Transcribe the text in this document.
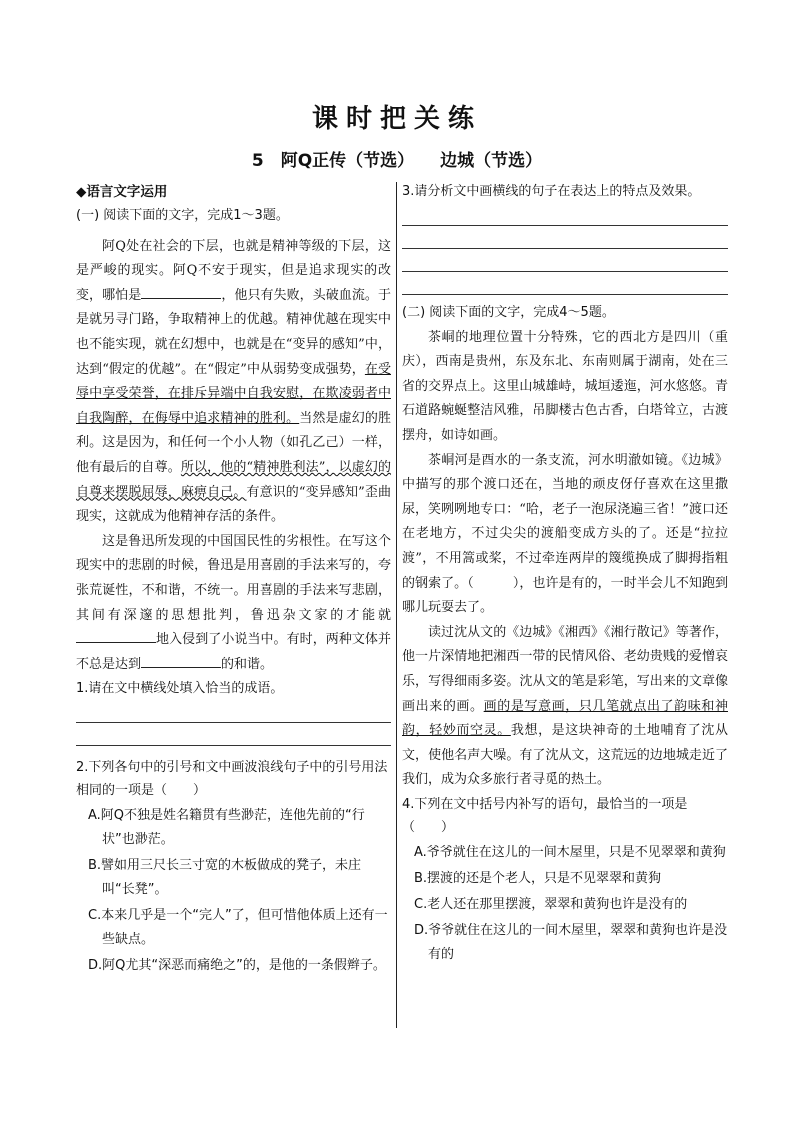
课时把关练
5　阿Q正传（节选） 边城（节选）

◆语言文字运用

(一) 阅读下面的文字，完成1～3题。

阿Q处在社会的下层，也就是精神等级的下层，这是严峻的现实。阿Q不安于现实，但是追求现实的改变，哪怕是	，他只有失败，头破血流。于是就另寻门路，争取精神上的优越。精神优越在现实中也不能实现，就在幻想中，也就是在“变异的感知”中，达到“假定的优越”。在“假定”中从弱势变成强势，在受辱中享受荣誉，在排斥异端中自我安慰，在欺凌弱者中自我陶醉，在侮辱中追求精神的胜利。当然是虚幻的胜利。这是因为，和任何一个小人物（如孔乙己）一样，他有最后的自尊。所以，他的“精神胜利法”，以虚幻的自尊来摆脱屈辱，麻痹自己。有意识的“变异感知”歪曲现实，这就成为他精神存活的条件。

这是鲁迅所发现的中国国民性的劣根性。在写这个现实中的悲剧的时候，鲁迅是用喜剧的手法来写的，夸张荒诞性，不和谐，不统一。用喜剧的手法来写悲剧，其间有深邃的思想批判，鲁迅杂文家的才能就地入侵到了小说当中。有时，两种文体并不总是达到	的和谐。

1.请在文中横线处填入恰当的成语。

2.下列各句中的引号和文中画波浪线句子中的引号用法相同的一项是（　　）

A.阿Q不独是姓名籍贯有些渺茫，连他先前的“行状”也渺茫。

B.譬如用三尺长三寸宽的木板做成的凳子，未庄叫“长凳”。

C.本来几乎是一个“完人”了，但可惜他体质上还有一些缺点。

D.阿Q尤其“深恶而痛绝之”的，是他的一条假辫子。

3.请分析文中画横线的句子在表达上的特点及效果。

(二) 阅读下面的文字，完成4～5题。

茶峒的地理位置十分特殊，它的西北方是四川（重庆），西南是贵州，东及东北、东南则属于湖南，处在三省的交界点上。这里山城雄峙，城垣逶迤，河水悠悠。青石道路蜿蜒整洁风雅，吊脚楼古色古香，白塔耸立，古渡摆舟，如诗如画。

茶峒河是酉水的一条支流，河水明澈如镜。《边城》中描写的那个渡口还在，当地的顽皮伢仔喜欢在这里撒尿，笑咧咧地专口：“哈，老子一泡尿浇遍三省！”渡口还在老地方，不过尖尖的渡船变成方头的了。还是“拉拉渡”，不用篙或桨，不过牵连两岸的篾缆换成了脚拇指粗的钢索了。（　　　），也许是有的，一时半会儿不知跑到哪儿玩耍去了。

读过沈从文的《边城》《湘西》《湘行散记》等著作，他一片深情地把湘西一带的民情风俗、老幼贵贱的爱憎哀乐，写得细雨多姿。沈从文的笔是彩笔，写出来的文章像画出来的画。画的是写意画，只几笔就点出了韵味和神韵，轻妙而空灵。我想，是这块神奇的土地哺育了沈从文，使他名声大噪。有了沈从文，这荒远的边地城走近了我们，成为众多旅行者寻觅的热土。

4.下列在文中括号内补写的语句，最恰当的一项是（　　）

A.爷爷就住在这儿的一间木屋里，只是不见翠翠和黄狗

B.摆渡的还是个老人，只是不见翠翠和黄狗

C.老人还在那里摆渡，翠翠和黄狗也许是没有的

D.爷爷就住在这儿的一间木屋里，翠翠和黄狗也许是没有的
